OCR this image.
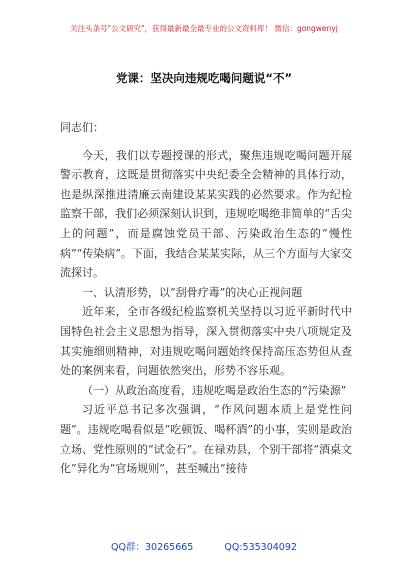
关注头条号"公文研究"，获得最新最全最专业的公文资料库！ 微信：gongwenyj
党课：坚决向违规吃喝问题说“不”

同志们：

今天，我们以专题授课的形式，聚焦违规吃喝问题开展警示教育，这既是贯彻落实中央纪委全会精神的具体行动，也是纵深推进清廉云南建设某某实践的必然要求。作为纪检监察干部，我们必须深刻认识到，违规吃喝绝非简单的“舌尖上的问题”，而是腐蚀党员干部、污染政治生态的“慢性病”“传染病”。下面，我结合某某实际，从三个方面与大家交流探讨。

一、认清形势，以“刮骨疗毒”的决心正视问题

近年来，全市各级纪检监察机关坚持以习近平新时代中国特色社会主义思想为指导，深入贯彻落实中央八项规定及其实施细则精神，对违规吃喝问题始终保持高压态势但从查处的案例来看，问题依然突出，形势不容乐观。

（一）从政治高度看，违规吃喝是政治生态的“污染源”

习近平总书记多次强调，“作风问题本质上是党性问题”。违规吃喝看似是“吃顿饭、喝杯酒”的小事，实则是政治立场、党性原则的“试金石”。在禄劝县，个别干部将“酒桌文化”异化为“官场规则”，甚至喊出“接待

QQ群：30265665	QQ:535304092
